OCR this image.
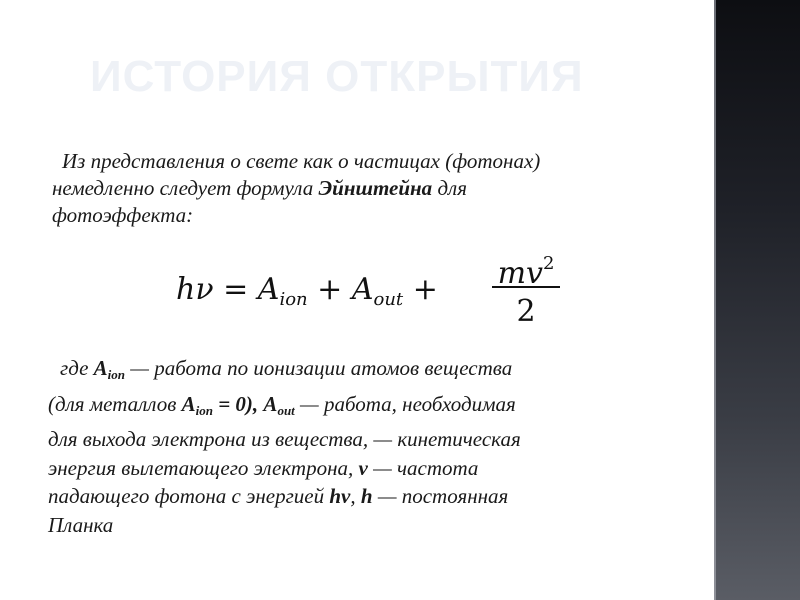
ИСТОРИЯ ОТКРЫТИЯ
Из представления о свете как о частицах (фотонах)
немедленно следует формула Эйнштейна для
фотоэффекта:
$h\nu = A_{ion} + A_{out} + mv^2$
2
где Aion — работа по ионизации атомов вещества
(для металлов Aion = 0), Aout — работа, необходимая
для выхода электрона из вещества, — кинетическая
энергия вылетающего электрона, ν — частота
падающего фотона с энергией hν, h — постоянная
Планка
